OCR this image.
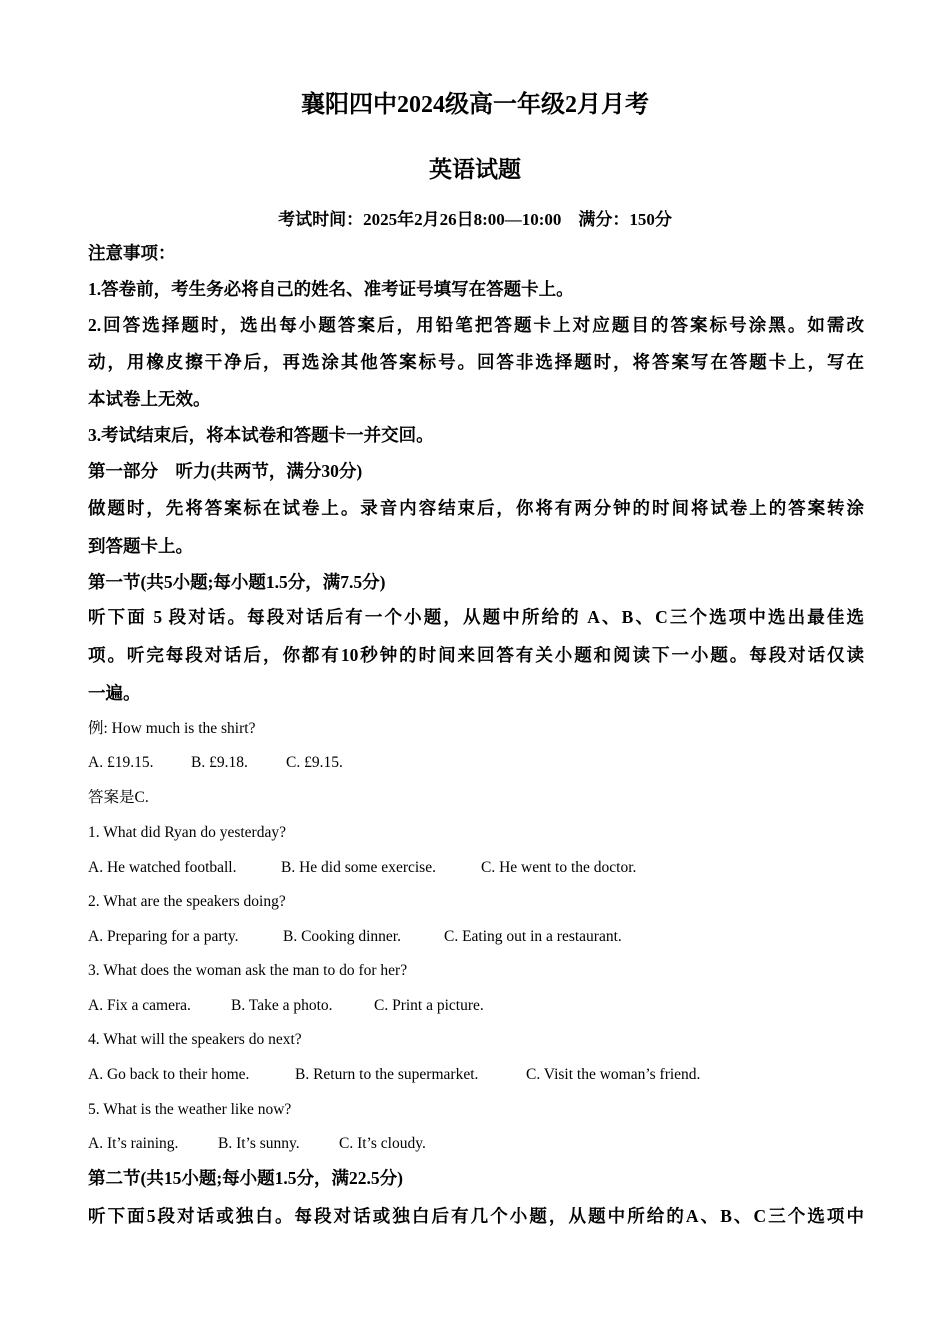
襄阳四中2024级高一年级2月月考
英语试题
考试时间：2025年2月26日8:00—10:00　满分：150分
注意事项：
1.答卷前，考生务必将自己的姓名、准考证号填写在答题卡上。
2.回答选择题时，选出每小题答案后，用铅笔把答题卡上对应题目的答案标号涂黑。如需改
动，用橡皮擦干净后，再选涂其他答案标号。回答非选择题时，将答案写在答题卡上，写在
本试卷上无效。
3.考试结束后，将本试卷和答题卡一并交回。
第一部分　听力(共两节，满分30分)
做题时，先将答案标在试卷上。录音内容结束后，你将有两分钟的时间将试卷上的答案转涂
到答题卡上。
第一节(共5小题;每小题1.5分，满7.5分)
听下面 5 段对话。每段对话后有一个小题，从题中所给的 A、B、C三个选项中选出最佳选
项。听完每段对话后，你都有10秒钟的时间来回答有关小题和阅读下一小题。每段对话仅读
一遍。
例: How much is the shirt?
A. £19.15. B. £9.18. C. £9.15.
答案是C.
1. What did Ryan do yesterday?
A. He watched football.	B. He did some exercise.	C. He went to the doctor.
2. What are the speakers doing?
A. Preparing for a party.	B. Cooking dinner.	C. Eating out in a restaurant.
3. What does the woman ask the man to do for her?
A. Fix a camera.	B. Take a photo.	C. Print a picture.
4. What will the speakers do next?
A. Go back to their home.	B. Return to the supermarket.	C. Visit the woman’s friend.
5. What is the weather like now?
A. It’s raining.	B. It’s sunny.	C. It’s cloudy.
第二节(共15小题;每小题1.5分，满22.5分)
听下面5段对话或独白。每段对话或独白后有几个小题，从题中所给的A、B、C三个选项中
